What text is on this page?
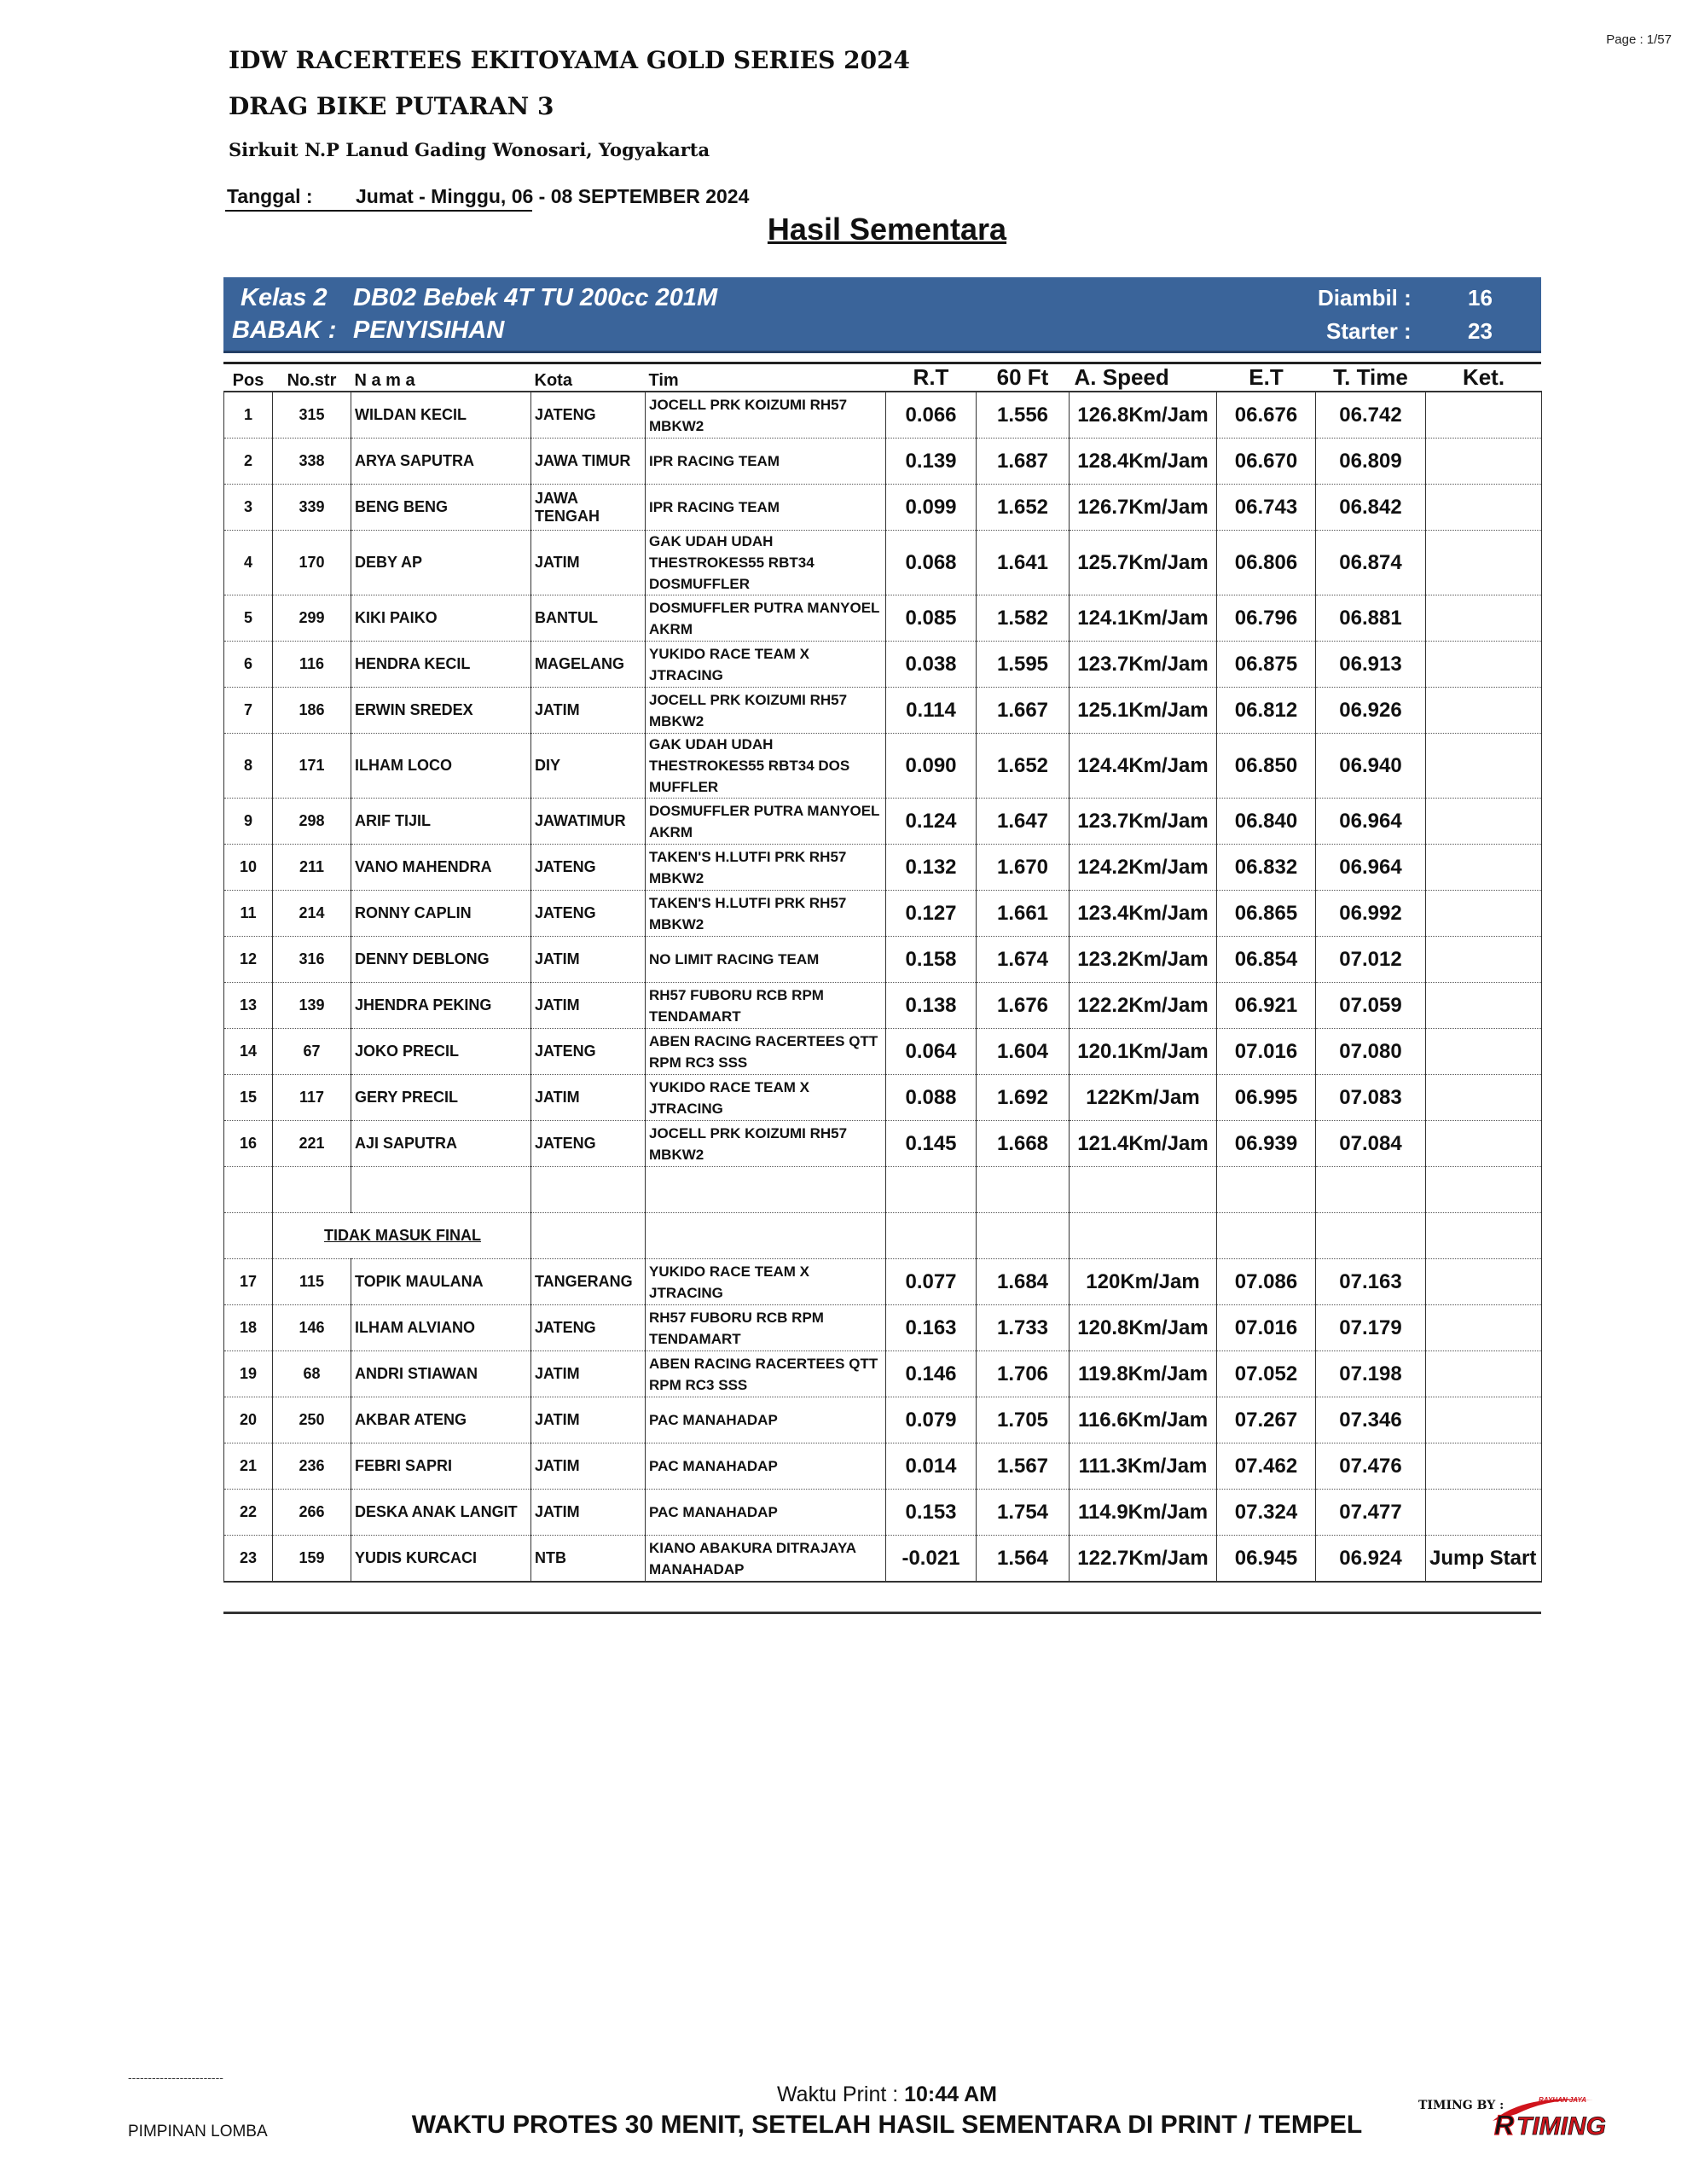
Page : 1/57
IDW RACERTEES EKITOYAMA GOLD SERIES 2024
DRAG BIKE PUTARAN 3
Sirkuit N.P Lanud Gading Wonosari, Yogyakarta
Tanggal : Jumat - Minggu, 06 - 08 SEPTEMBER 2024
Hasil Sementara
Kelas 2 DB02 Bebek 4T TU 200cc 201M
BABAK : PENYISIHAN
Diambil :	16
Starter :	23
Pos	No.str	N a m a	Kota	Tim	R.T	60 Ft	A. Speed	E.T	T. Time	Ket.
1	315	WILDAN KECIL	JATENG	JOCELL PRK KOIZUMI RH57 MBKW2	0.066	1.556	126.8Km/Jam	06.676	06.742	
2	338	ARYA SAPUTRA	JAWA TIMUR	IPR RACING TEAM	0.139	1.687	128.4Km/Jam	06.670	06.809	
3	339	BENG BENG	JAWA TENGAH	IPR RACING TEAM	0.099	1.652	126.7Km/Jam	06.743	06.842	
4	170	DEBY AP	JATIM	GAK UDAH UDAH THESTROKES55 RBT34 DOSMUFFLER	0.068	1.641	125.7Km/Jam	06.806	06.874	
5	299	KIKI PAIKO	BANTUL	DOSMUFFLER PUTRA MANYOEL AKRM	0.085	1.582	124.1Km/Jam	06.796	06.881	
6	116	HENDRA KECIL	MAGELANG	YUKIDO RACE TEAM X JTRACING	0.038	1.595	123.7Km/Jam	06.875	06.913	
7	186	ERWIN SREDEX	JATIM	JOCELL PRK KOIZUMI RH57 MBKW2	0.114	1.667	125.1Km/Jam	06.812	06.926	
8	171	ILHAM LOCO	DIY	GAK UDAH UDAH THESTROKES55 RBT34 DOS MUFFLER	0.090	1.652	124.4Km/Jam	06.850	06.940	
9	298	ARIF TIJIL	JAWATIMUR	DOSMUFFLER PUTRA MANYOEL AKRM	0.124	1.647	123.7Km/Jam	06.840	06.964	
10	211	VANO MAHENDRA	JATENG	TAKEN'S H.LUTFI PRK RH57 MBKW2	0.132	1.670	124.2Km/Jam	06.832	06.964	
11	214	RONNY CAPLIN	JATENG	TAKEN'S H.LUTFI PRK RH57 MBKW2	0.127	1.661	123.4Km/Jam	06.865	06.992	
12	316	DENNY DEBLONG	JATIM	NO LIMIT RACING TEAM	0.158	1.674	123.2Km/Jam	06.854	07.012	
13	139	JHENDRA PEKING	JATIM	RH57 FUBORU RCB RPM TENDAMART	0.138	1.676	122.2Km/Jam	06.921	07.059	
14	67	JOKO PRECIL	JATENG	ABEN RACING RACERTEES QTT RPM RC3 SSS	0.064	1.604	120.1Km/Jam	07.016	07.080	
15	117	GERY PRECIL	JATIM	YUKIDO RACE TEAM X JTRACING	0.088	1.692	122Km/Jam	06.995	07.083	
16	221	AJI SAPUTRA	JATENG	JOCELL PRK KOIZUMI RH57 MBKW2	0.145	1.668	121.4Km/Jam	06.939	07.084	

	TIDAK MASUK FINAL									
17	115	TOPIK MAULANA	TANGERANG	YUKIDO RACE TEAM X JTRACING	0.077	1.684	120Km/Jam	07.086	07.163	
18	146	ILHAM ALVIANO	JATENG	RH57 FUBORU RCB RPM TENDAMART	0.163	1.733	120.8Km/Jam	07.016	07.179	
19	68	ANDRI STIAWAN	JATIM	ABEN RACING RACERTEES QTT RPM RC3 SSS	0.146	1.706	119.8Km/Jam	07.052	07.198	
20	250	AKBAR ATENG	JATIM	PAC MANAHADAP	0.079	1.705	116.6Km/Jam	07.267	07.346	
21	236	FEBRI SAPRI	JATIM	PAC MANAHADAP	0.014	1.567	111.3Km/Jam	07.462	07.476	
22	266	DESKA ANAK LANGIT	JATIM	PAC MANAHADAP	0.153	1.754	114.9Km/Jam	07.324	07.477	
23	159	YUDIS KURCACI	NTB	KIANO ABAKURA DITRAJAYA MANAHADAP	-0.021	1.564	122.7Km/Jam	06.945	06.924	Jump Start
------------------------
PIMPINAN LOMBA
Waktu Print : 10:44 AM
WAKTU PROTES 30 MENIT, SETELAH HASIL SEMENTARA DI PRINT / TEMPEL
TIMING BY :	RAYHAN JAYA
R TIMING
